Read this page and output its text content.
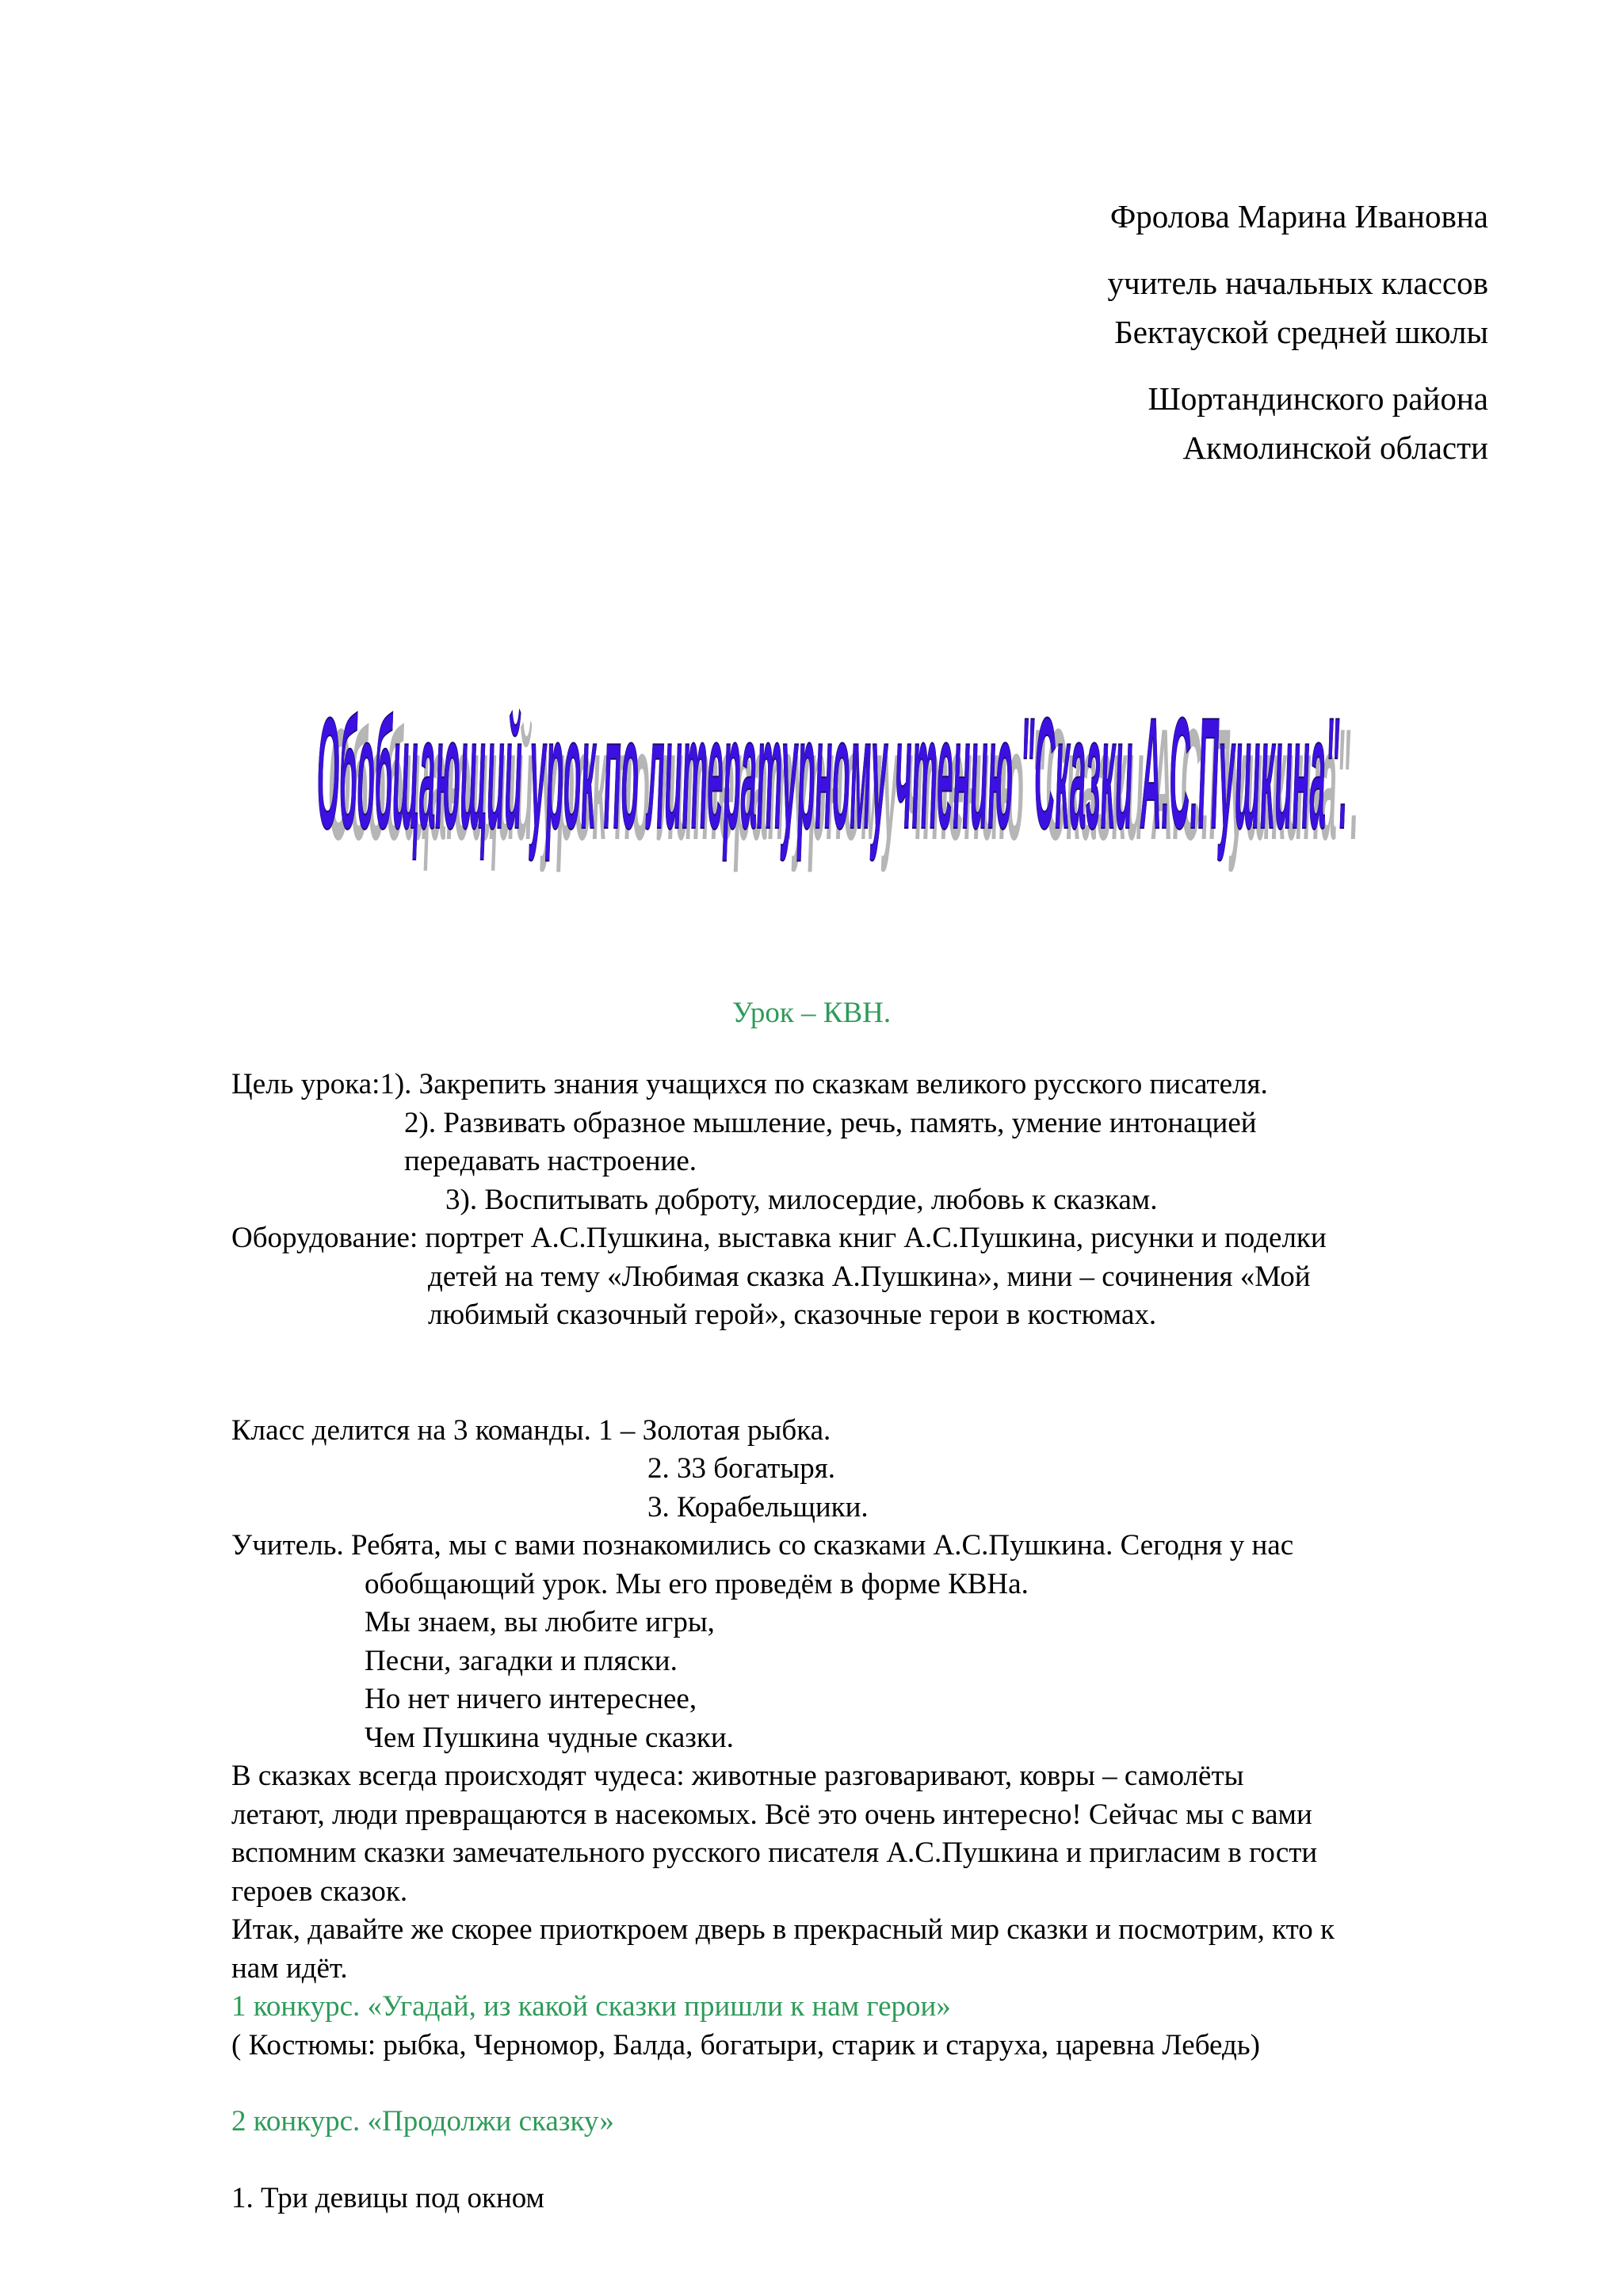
Фролова Марина Ивановна
учитель начальных классов
Бектауской средней школы
Шортандинского района
Акмолинской области
Обобщающий урок по литературному чтению "Сказки А.С.Пушкина".
Обобщающий урок по литературному чтению "Сказки А.С.Пушкина".
Урок – КВН.
Цель урока:1). Закрепить знания учащихся по сказкам великого русского писателя.
2). Развивать образное мышление, речь, память, умение интонацией
передавать настроение.
3). Воспитывать доброту, милосердие, любовь к сказкам.
Оборудование: портрет А.С.Пушкина, выставка книг А.С.Пушкина, рисунки и поделки
детей на тему «Любимая сказка А.Пушкина», мини – сочинения «Мой
любимый сказочный герой», сказочные герои в костюмах.
Класс делится на 3 команды. 1 – Золотая рыбка.
2. 33 богатыря.
3. Корабельщики.
Учитель. Ребята, мы с вами познакомились со сказками А.С.Пушкина. Сегодня у нас
обобщающий урок. Мы его проведём в форме КВНа.
Мы знаем, вы любите игры,
Песни, загадки и пляски.
Но нет ничего интереснее,
Чем Пушкина чудные сказки.
В сказках всегда происходят чудеса: животные разговаривают, ковры – самолёты
летают, люди превращаются в насекомых. Всё это очень интересно! Сейчас мы с вами
вспомним сказки замечательного русского писателя А.С.Пушкина и пригласим в гости
героев сказок.
Итак, давайте же скорее приоткроем дверь в прекрасный мир сказки и посмотрим, кто к
нам идёт.
1 конкурс. «Угадай, из какой сказки пришли к нам герои»
( Костюмы: рыбка, Черномор, Балда, богатыри, старик и старуха, царевна Лебедь)
2 конкурс. «Продолжи сказку»
1. Три девицы под окном
